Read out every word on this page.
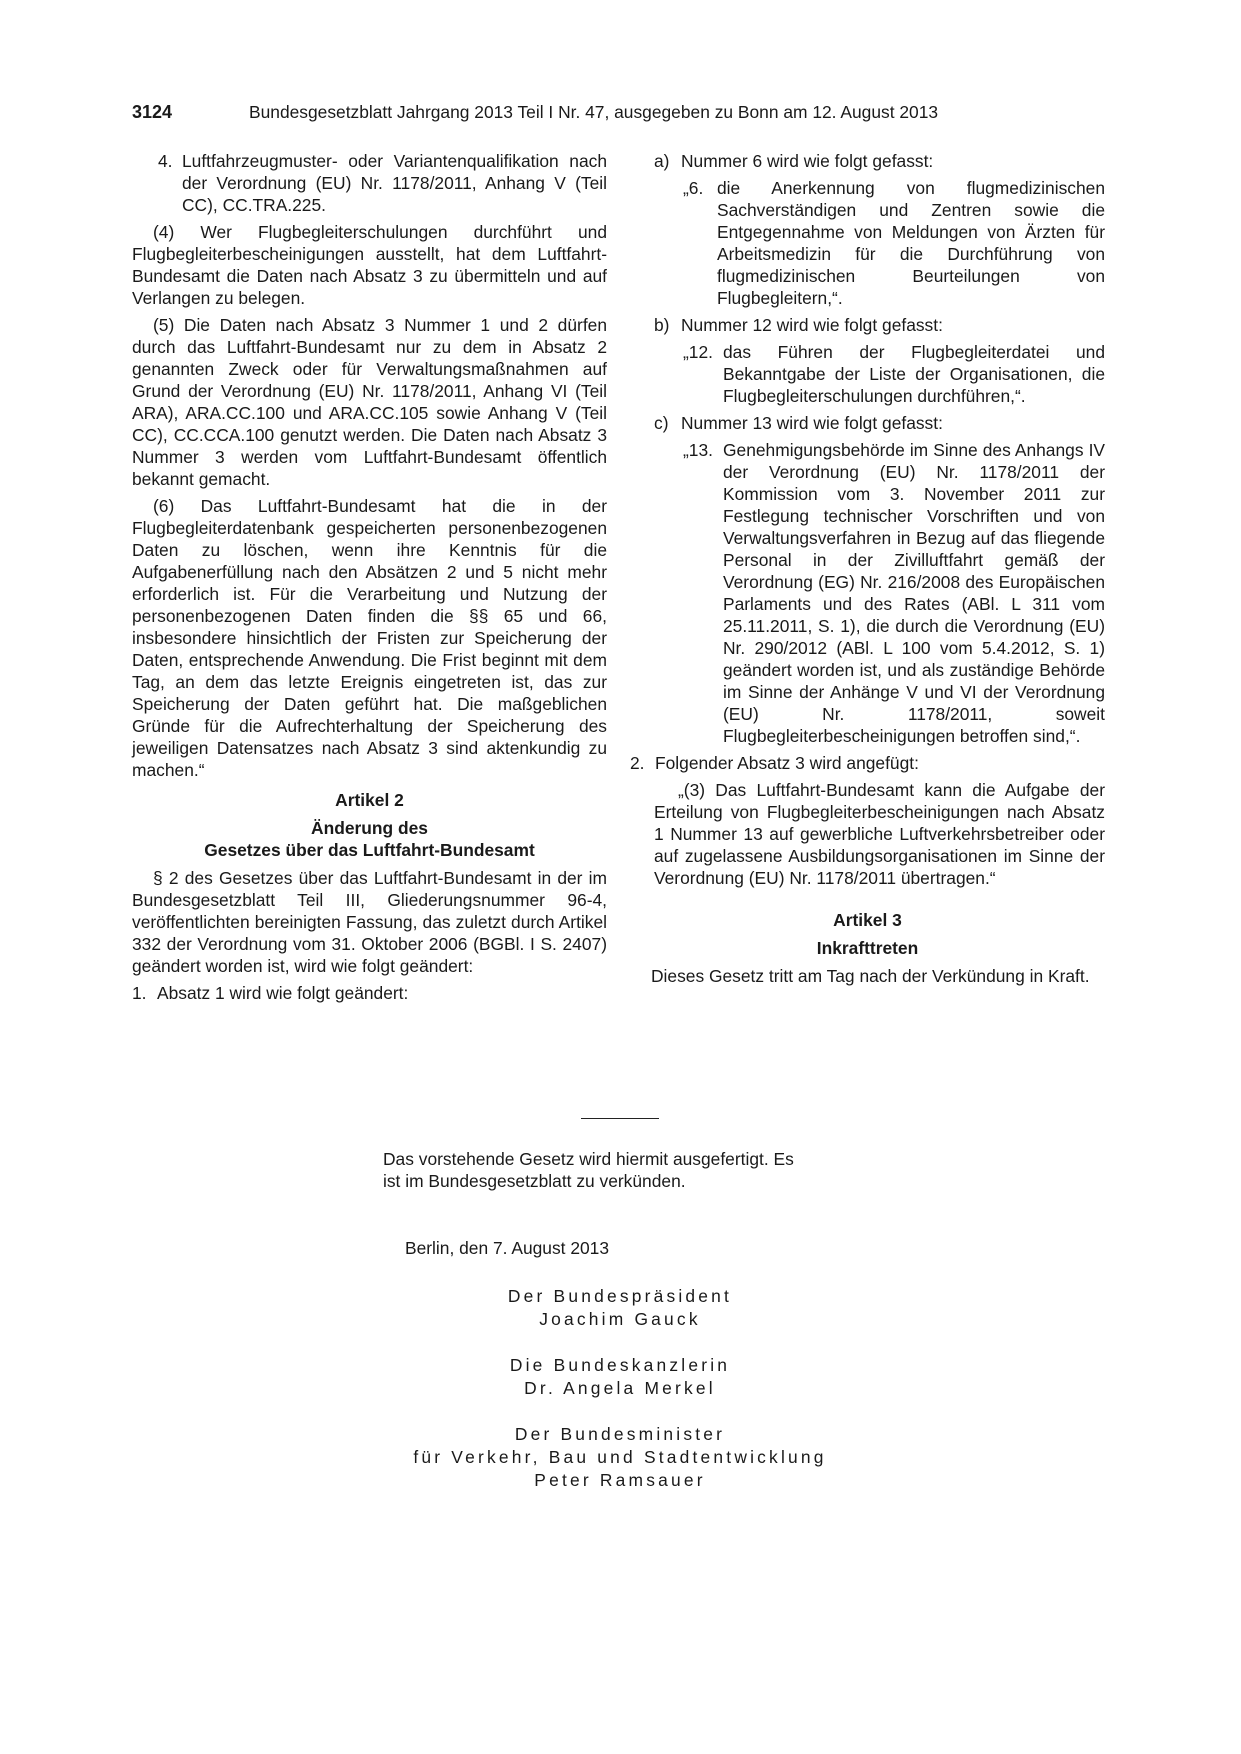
3124	Bundesgesetzblatt Jahrgang 2013 Teil I Nr. 47, ausgegeben zu Bonn am 12. August 2013
4. Luftfahrzeugmuster- oder Variantenqualifikation nach der Verordnung (EU) Nr. 1178/2011, Anhang V (Teil CC), CC.TRA.225.

(4) Wer Flugbegleiterschulungen durchführt und Flugbegleiterbescheinigungen ausstellt, hat dem Luftfahrt-Bundesamt die Daten nach Absatz 3 zu übermitteln und auf Verlangen zu belegen.

(5) Die Daten nach Absatz 3 Nummer 1 und 2 dürfen durch das Luftfahrt-Bundesamt nur zu dem in Absatz 2 genannten Zweck oder für Verwaltungsmaßnahmen auf Grund der Verordnung (EU) Nr. 1178/2011, Anhang VI (Teil ARA), ARA.CC.100 und ARA.CC.105 sowie Anhang V (Teil CC), CC.CCA.100 genutzt werden. Die Daten nach Absatz 3 Nummer 3 werden vom Luftfahrt-Bundesamt öffentlich bekannt gemacht.

(6) Das Luftfahrt-Bundesamt hat die in der Flugbegleiterdatenbank gespeicherten personenbezogenen Daten zu löschen, wenn ihre Kenntnis für die Aufgabenerfüllung nach den Absätzen 2 und 5 nicht mehr erforderlich ist. Für die Verarbeitung und Nutzung der personenbezogenen Daten finden die §§ 65 und 66, insbesondere hinsichtlich der Fristen zur Speicherung der Daten, entsprechende Anwendung. Die Frist beginnt mit dem Tag, an dem das letzte Ereignis eingetreten ist, das zur Speicherung der Daten geführt hat. Die maßgeblichen Gründe für die Aufrechterhaltung der Speicherung des jeweiligen Datensatzes nach Absatz 3 sind aktenkundig zu machen.“

Artikel 2
Änderung des
Gesetzes über das Luftfahrt-Bundesamt

§ 2 des Gesetzes über das Luftfahrt-Bundesamt in der im Bundesgesetzblatt Teil III, Gliederungsnummer 96-4, veröffentlichten bereinigten Fassung, das zuletzt durch Artikel 332 der Verordnung vom 31. Oktober 2006 (BGBl. I S. 2407) geändert worden ist, wird wie folgt geändert:

1. Absatz 1 wird wie folgt geändert:
a) Nummer 6 wird wie folgt gefasst:
„6. die Anerkennung von flugmedizinischen Sachverständigen und Zentren sowie die Entgegennahme von Meldungen von Ärzten für Arbeitsmedizin für die Durchführung von flugmedizinischen Beurteilungen von Flugbegleitern,“.
b) Nummer 12 wird wie folgt gefasst:
„12. das Führen der Flugbegleiterdatei und Bekanntgabe der Liste der Organisationen, die Flugbegleiterschulungen durchführen,“.
c) Nummer 13 wird wie folgt gefasst:
„13. Genehmigungsbehörde im Sinne des Anhangs IV der Verordnung (EU) Nr. 1178/2011 der Kommission vom 3. November 2011 zur Festlegung technischer Vorschriften und von Verwaltungsverfahren in Bezug auf das fliegende Personal in der Zivilluftfahrt gemäß der Verordnung (EG) Nr. 216/2008 des Europäischen Parlaments und des Rates (ABl. L 311 vom 25.11.2011, S. 1), die durch die Verordnung (EU) Nr. 290/2012 (ABl. L 100 vom 5.4.2012, S. 1) geändert worden ist, und als zuständige Behörde im Sinne der Anhänge V und VI der Verordnung (EU) Nr. 1178/2011, soweit Flugbegleiterbescheinigungen betroffen sind,“.
2. Folgender Absatz 3 wird angefügt:

„(3) Das Luftfahrt-Bundesamt kann die Aufgabe der Erteilung von Flugbegleiterbescheinigungen nach Absatz 1 Nummer 13 auf gewerbliche Luftverkehrsbetreiber oder auf zugelassene Ausbildungsorganisationen im Sinne der Verordnung (EU) Nr. 1178/2011 übertragen.“

Artikel 3
Inkrafttreten

Dieses Gesetz tritt am Tag nach der Verkündung in Kraft.

Das vorstehende Gesetz wird hiermit ausgefertigt. Es
ist im Bundesgesetzblatt zu verkünden.
Berlin, den 7. August 2013
Der Bundespräsident
Joachim Gauck
Die Bundeskanzlerin
Dr. Angela Merkel
Der Bundesminister
für Verkehr, Bau und Stadtentwicklung
Peter Ramsauer
